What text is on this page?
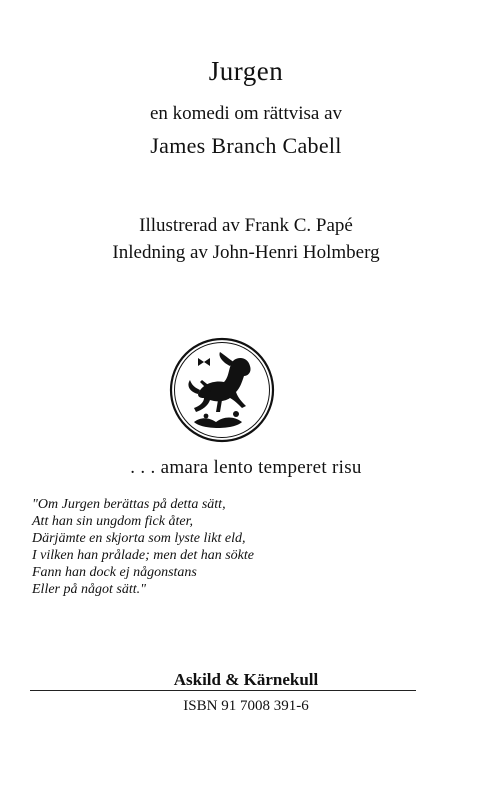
Jurgen
en komedi om rättvisa av
James Branch Cabell
Illustrerad av Frank C. Papé
Inledning av John-Henri Holmberg
. . . amara lento temperet risu
"Om Jurgen berättas på detta sätt,
Att han sin ungdom fick åter,
Därjämte en skjorta som lyste likt eld,
I vilken han prålade; men det han sökte
Fann han dock ej någonstans
Eller på något sätt."
Askild & Kärnekull
ISBN 91 7008 391-6
